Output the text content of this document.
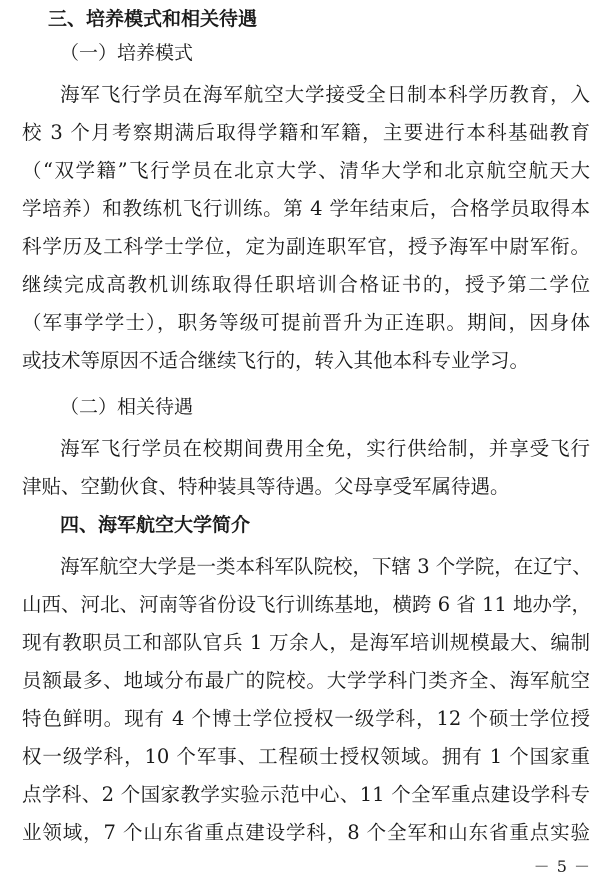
三、培养模式和相关待遇
（一）培养模式
海军飞行学员在海军航空大学接受全日制本科学历教育，入
校 3 个月考察期满后取得学籍和军籍，主要进行本科基础教育
（“双学籍”飞行学员在北京大学、清华大学和北京航空航天大
学培养）和教练机飞行训练。第 4 学年结束后，合格学员取得本
科学历及工科学士学位，定为副连职军官，授予海军中尉军衔。
继续完成高教机训练取得任职培训合格证书的，授予第二学位
（军事学学士），职务等级可提前晋升为正连职。期间，因身体
或技术等原因不适合继续飞行的，转入其他本科专业学习。
（二）相关待遇
海军飞行学员在校期间费用全免，实行供给制，并享受飞行
津贴、空勤伙食、特种装具等待遇。父母享受军属待遇。
四、海军航空大学简介
海军航空大学是一类本科军队院校，下辖 3 个学院，在辽宁、
山西、河北、河南等省份设飞行训练基地，横跨 6 省 11 地办学，
现有教职员工和部队官兵 1 万余人，是海军培训规模最大、编制
员额最多、地域分布最广的院校。大学学科门类齐全、海军航空
特色鲜明。现有 4 个博士学位授权一级学科，12 个硕士学位授
权一级学科，10 个军事、工程硕士授权领域。拥有 1 个国家重
点学科、2 个国家教学实验示范中心、11 个全军重点建设学科专
业领域，7 个山东省重点建设学科，8 个全军和山东省重点实验
－ 5 －
